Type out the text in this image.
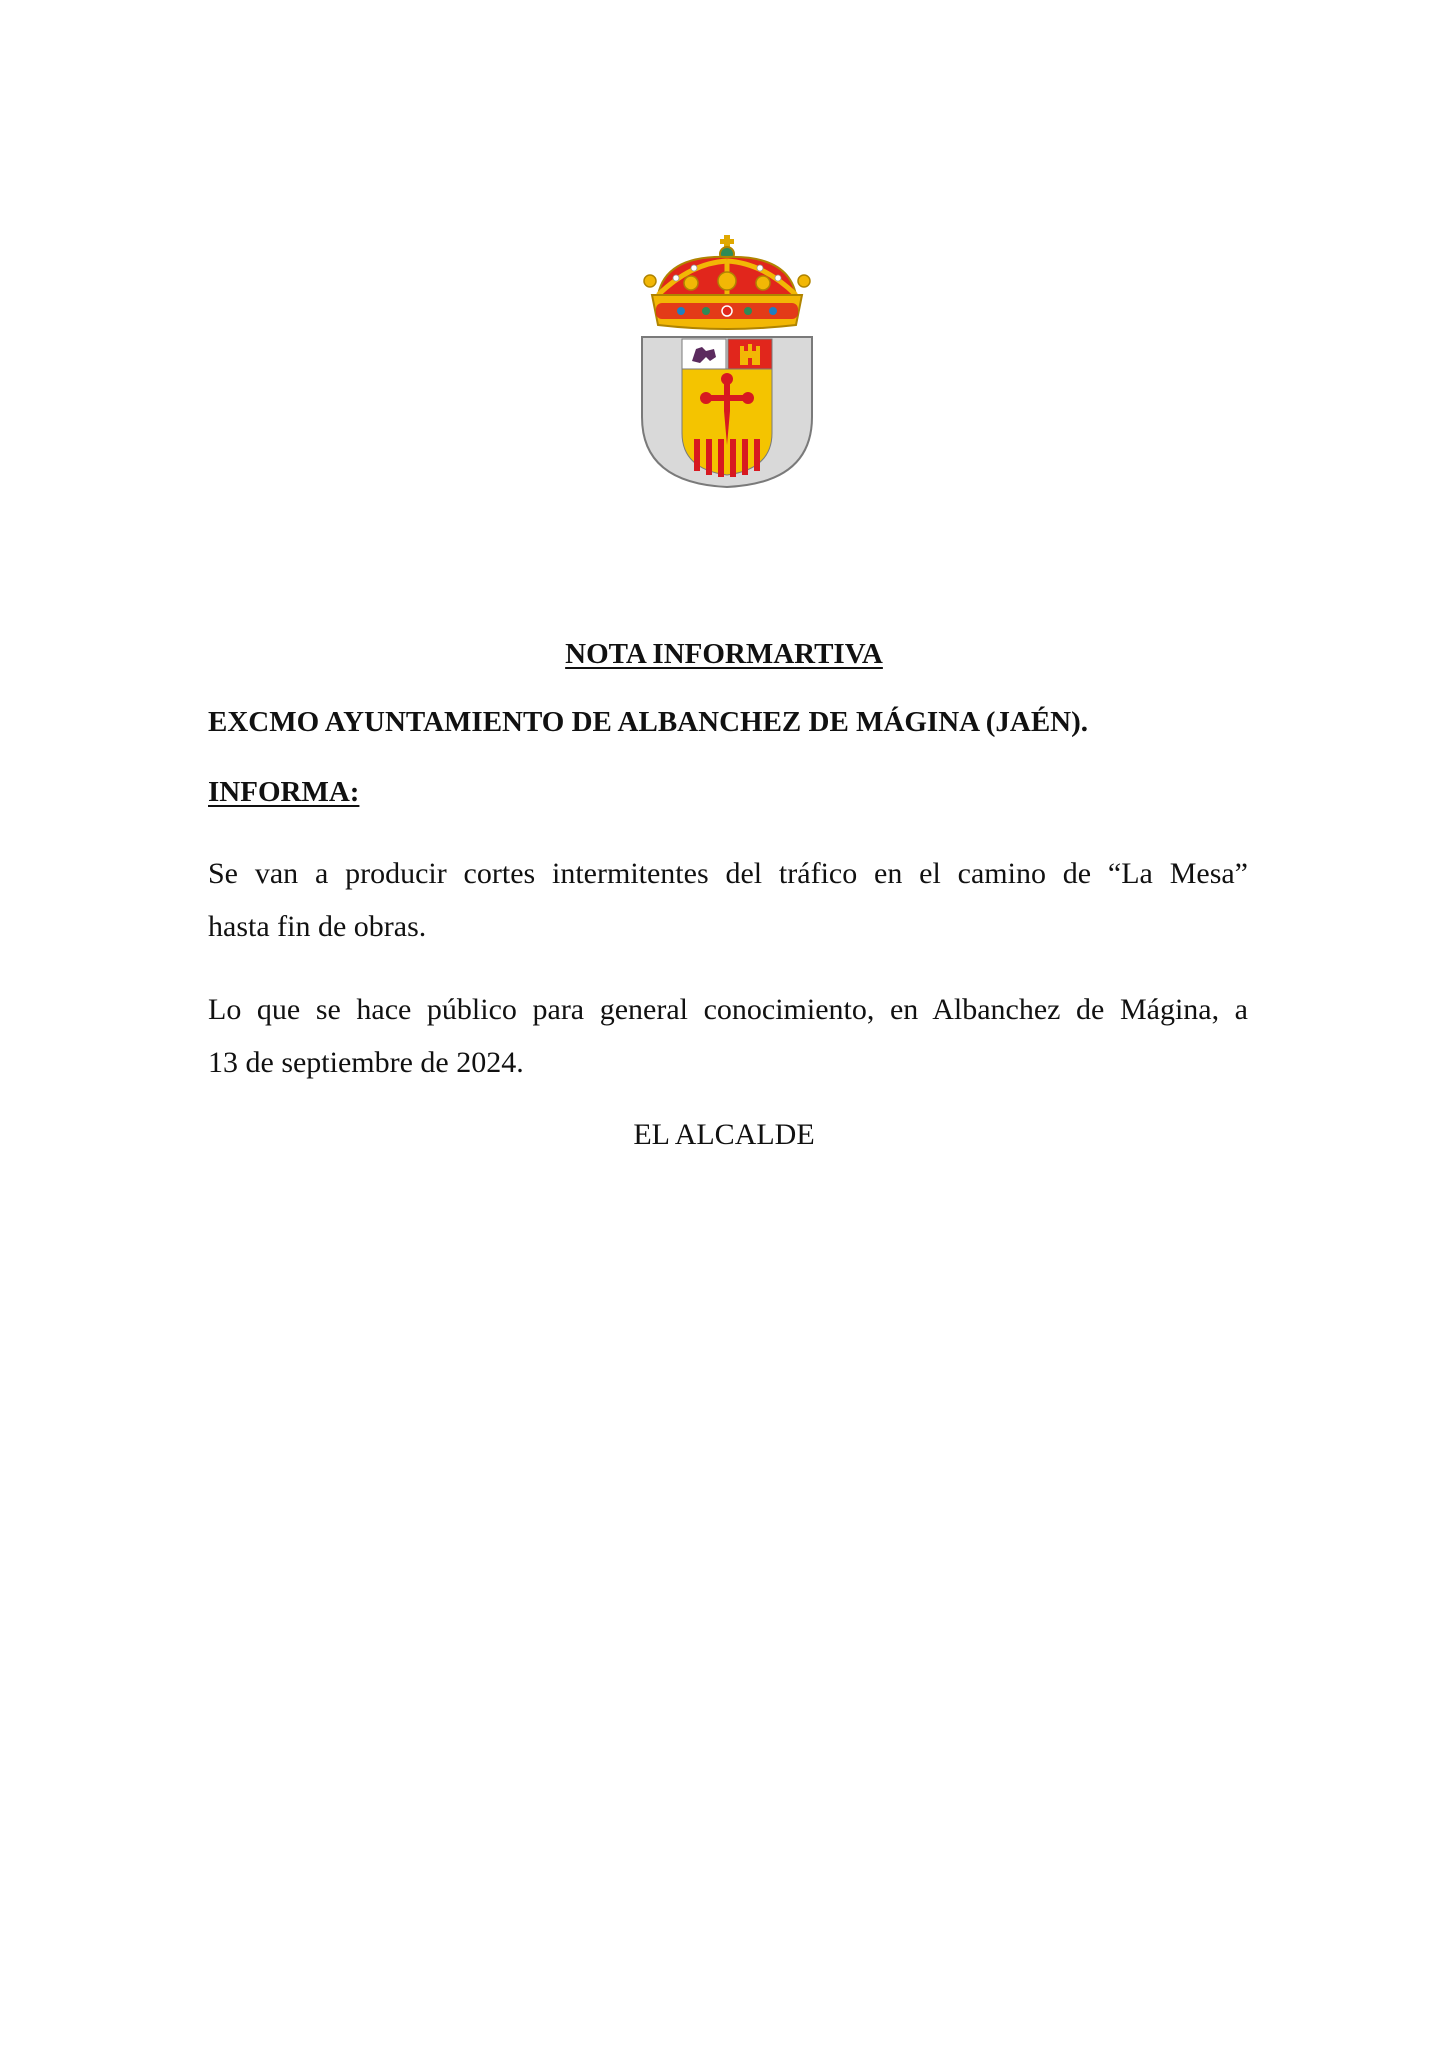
NOTA INFORMARTIVA
EXCMO AYUNTAMIENTO DE ALBANCHEZ DE MÁGINA (JAÉN).
INFORMA:
Se van a producir cortes intermitentes del tráfico en el camino de “La Mesa”
hasta fin de obras.
Lo que se hace público para general conocimiento, en Albanchez de Mágina, a
13 de septiembre de 2024.
EL ALCALDE
